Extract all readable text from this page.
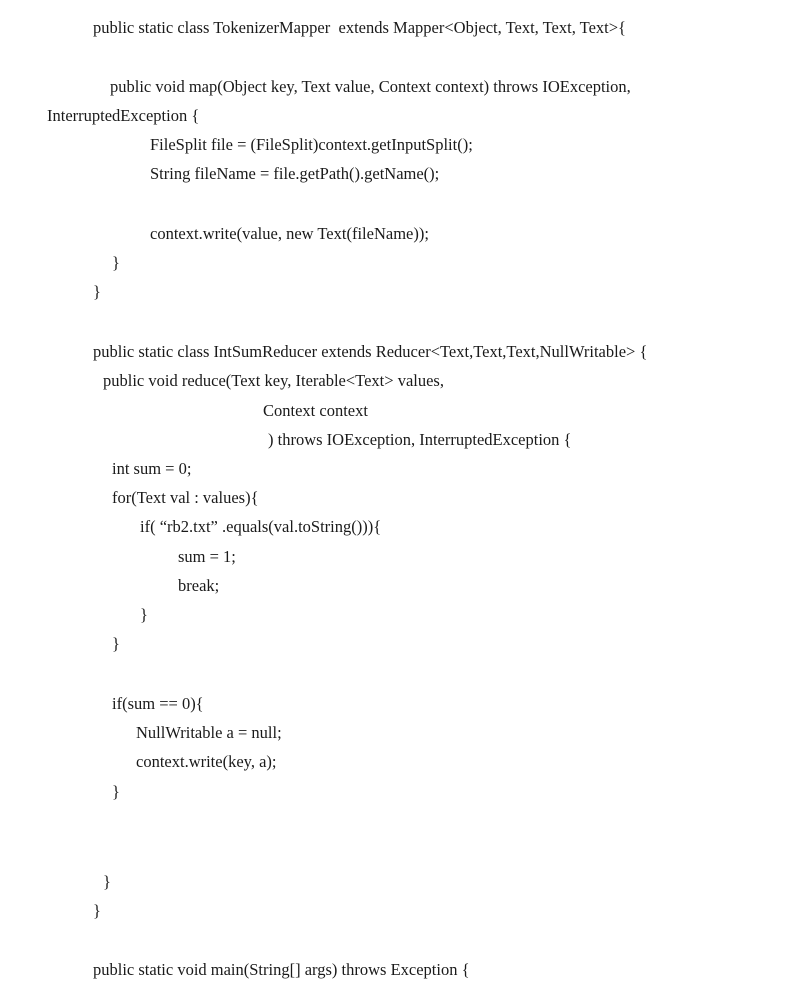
public static class TokenizerMapper  extends Mapper<Object, Text, Text, Text>{
public void map(Object key, Text value, Context context) throws IOException,
InterruptedException {
FileSplit file = (FileSplit)context.getInputSplit();
String fileName = file.getPath().getName();
context.write(value, new Text(fileName));
}
}
public static class IntSumReducer extends Reducer<Text,Text,Text,NullWritable> {
public void reduce(Text key, Iterable<Text> values,
Context context
) throws IOException, InterruptedException {
int sum = 0;
for(Text val : values){
if( “rb2.txt” .equals(val.toString())){
sum = 1;
break;
}
}
if(sum == 0){
NullWritable a = null;
context.write(key, a);
}
}
}
public static void main(String[] args) throws Exception {
